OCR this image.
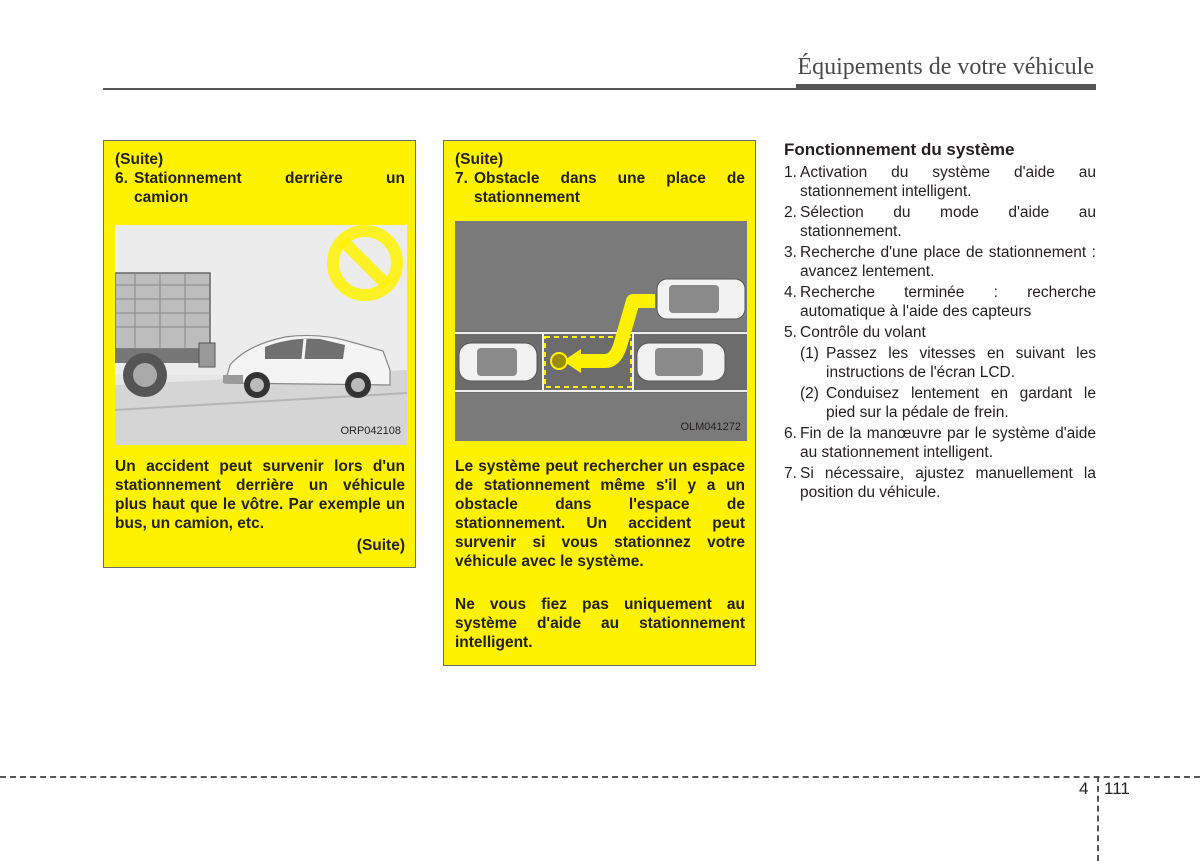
Équipements de votre véhicule
(Suite)
6. Stationnement derrière un
camion
ORP042108
Un accident peut survenir lors d'un stationnement derrière un véhicule plus haut que le vôtre. Par exemple un bus, un camion, etc.
(Suite)
(Suite)
7. Obstacle dans une place de
stationnement
OLM041272
Le système peut rechercher un espace de stationnement même s'il y a un obstacle dans l'espace de stationnement. Un accident peut survenir si vous stationnez votre véhicule avec le système.
Ne vous fiez pas uniquement au système d'aide au stationnement intelligent.
Fonctionnement du système
1. Activation du système d'aide au stationnement intelligent.
2. Sélection du mode d'aide au stationnement.
3. Recherche d'une place de stationnement : avancez lentement.
4. Recherche terminée : recherche automatique à l'aide des capteurs
5. Contrôle du volant
(1) Passez les vitesses en suivant les instructions de l'écran LCD.
(2) Conduisez lentement en gardant le pied sur la pédale de frein.
6. Fin de la manœuvre par le système d'aide au stationnement intelligent.
7. Si nécessaire, ajustez manuellement la position du véhicule.
4 111
